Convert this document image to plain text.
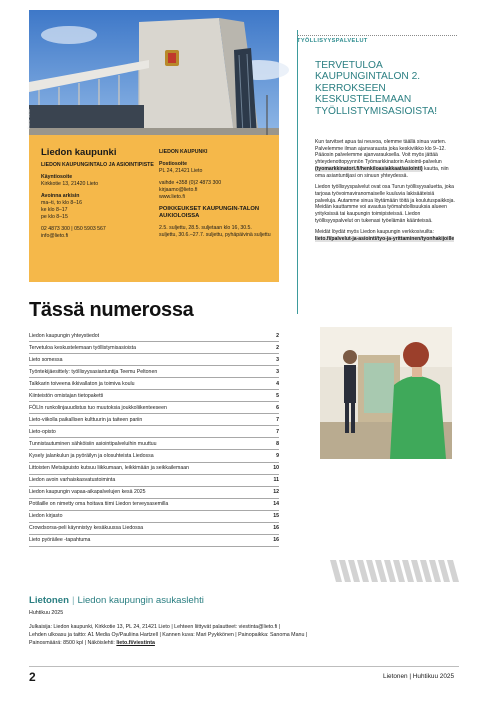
Kuva: Lieto
Liedon kaupunki
LIEDON KAUPUNGINTALO JA ASIOINTIPISTE
Käyntiosoite
Kirkkotie 13, 21420 Lieto
Avoinna arkisin
ma–ti, to klo 8–16
ke klo 8–17
pe klo 8–15
02 4873 300 | 050 5903 567
info@lieto.fi
LIEDON KAUPUNKI
Postiosoite
PL 24, 21421 Lieto
vaihde +358 (0)2 4873 300
kirjaamo@lieto.fi
www.lieto.fi
POIKKEUKSET KAUPUNGIN-TALON AUKIOLOISSA
2.5. suljettu, 28.5. suljetaan klo 16, 30.5. suljettu, 30.6.–27.7. suljettu, pyhäpäivinä suljettu
Tässä numerossa
Liedon kaupungin yhteystiedot	2
Tervetuloa keskustelemaan työllistymisasioista	2
Lieto somessa	3
Työntekijäesittely: työllisyysasiantuntija Teemu Peltonen	3
Talkkarin toiveena ikkivallaton ja toimiva koulu	4
Kiinteistön omistajan tietopaketti	5
FÖLIn runkolinjauudistus tuo muutoksia joukkoliikenteeseen	6
Lieto-viikolla paikallisen kulttuurin ja taiteen pariin	7
Lieto-opisto	7
Tunnistautuminen sähköisiin asiointipalveluihin muuttuu	8
Kysely jalankulun ja pyöräilyn ja olosuhteista Liedossa	9
Littoisten Metsäpuisto kutsuu liikkumaan, leikkimään ja seikkailemaan	10
Liedon avoin varhaiskasvatustoiminta	11
Liedon kaupungin vapaa-aikapalvelujen kesä 2025	12
Potilaille on nimetty oma hoitava tiimi Liedon terveysasemilla	14
Liedon kirjasto	15
Crowdsorsa-peli käynnistyy kesäkuussa Liedossa	16
Lieto pyöräilee -tapahtuma	16
TYÖLLISYYSPALVELUT
TERVETULOA KAUPUNGINTALON 2. KERROKSEEN KESKUSTELEMAAN TYÖLLISTYMISASIOISTA!

Kun tarvitset apua tai neuvoa, olemme täällä sinua varten. Palvelemme ilman ajanvarausta joka keskiviikko klo 9–12. Pääosin palvelemme ajanvarauksella. Voit myös jättää yhteydenottopyynnön Työmarkkinatorin Asiointi-palvelun (tyomarkkinatori.fi/henkiloasiakkaat/asiointi) kautta, niin oma asiantuntijasi on sinuun yhteydessä.

Liedon työllisyyspalvelut ovat osa Turun työllisyysaluetta, joka tarjoaa työvoimaviranomaiselle kuuluvia lakisääteisiä palveluja. Autamme sinua löytämään töitä ja koulutuspaikkoja. Meidän kauttamme voi avautua työmahdollisuuksia alueen yrityksissä tai kaupungin toimipisteissä. Liedon työllisyyspalvelut on tukenasi työelämän käänteissä.

Meidät löydät myös Liedon kaupungin verkkosivuilta: lieto.fi/palvelut-ja-asiointi/tyo-ja-yrittaminen/tyonhakijoille

Lietonen | Liedon kaupungin asukaslehti
Huhtikuu 2025
Julkaisija: Liedon kaupunki, Kirkkotie 13, PL 24, 21421 Lieto | Lehteen liittyvät palautteet: viestinta@lieto.fi |
Lehden ulkoasu ja taitto: A1 Media Oy/Pauliina Hartzell | Kannen kuva: Mari Pyykkönen | Painopaikka: Sanoma Manu |
Painosmäärä: 8500 kpl | Näköislehti: lieto.fi/viestinta
2	Lietonen | Huhtikuu 2025
